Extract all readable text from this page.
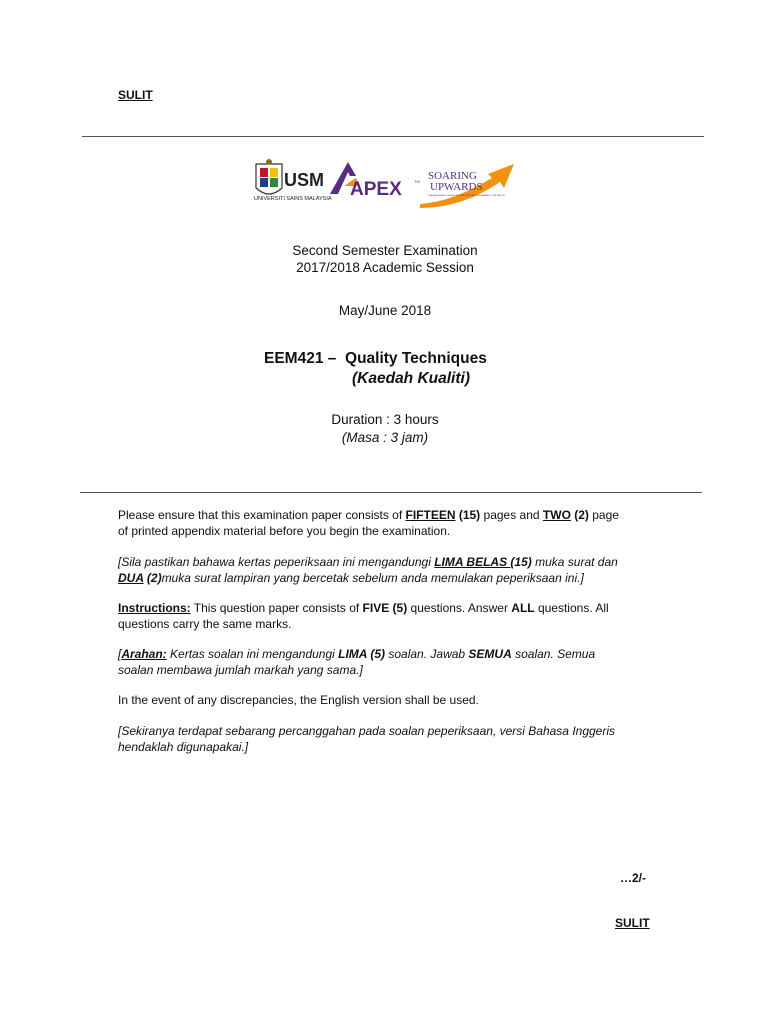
SULIT
USM
UNIVERSITI SAINS MALAYSIA APEX	TM SOARING
UPWARDS
TRANSFORMING HIGHER EDUCATION FOR A SUSTAINABLE TOMORROW
Second Semester Examination
2017/2018 Academic Session
May/June 2018
EEM421 – Quality Techniques
(Kaedah Kualiti)
Duration : 3 hours
(Masa : 3 jam)

Please ensure that this examination paper consists of FIFTEEN (15) pages and TWO (2) page

of printed appendix material before you begin the examination.

[Sila pastikan bahawa kertas peperiksaan ini mengandungi LIMA BELAS (15) muka surat dan

DUA (2)muka surat lampiran yang bercetak sebelum anda memulakan peperiksaan ini.]

Instructions: This question paper consists of FIVE (5) questions. Answer ALL questions. All

questions carry the same marks.

[Arahan: Kertas soalan ini mengandungi LIMA (5) soalan. Jawab SEMUA soalan. Semua

soalan membawa jumlah markah yang sama.]

In the event of any discrepancies, the English version shall be used.

[Sekiranya terdapat sebarang percanggahan pada soalan peperiksaan, versi Bahasa Inggeris

hendaklah digunapakai.]

…2/-
SULIT
